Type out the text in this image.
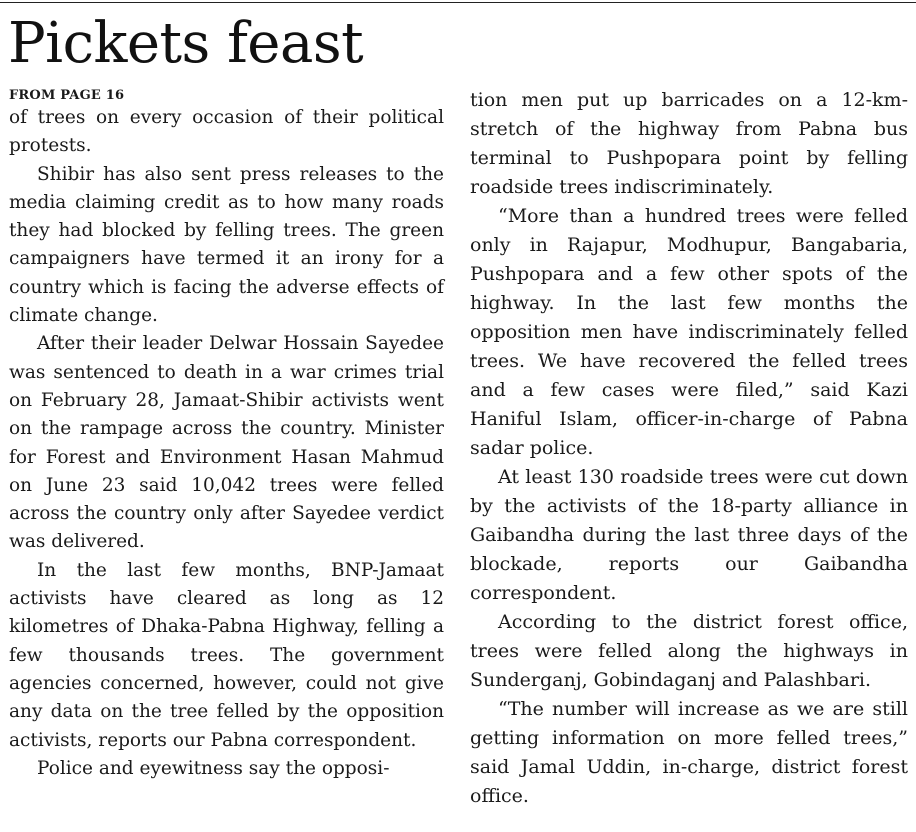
Pickets feast
FROM PAGE 16

of trees on every occasion of their political protests.

Shibir has also sent press releases to the media claiming credit as to how many roads they had blocked by felling trees. The green campaigners have termed it an irony for a country which is facing the adverse effects of climate change.

After their leader Delwar Hossain Sayedee was sentenced to death in a war crimes trial on February 28, Jamaat-Shibir activists went on the rampage across the country. Minister for Forest and Environment Hasan Mahmud on June 23 said 10,042 trees were felled across the country only after Sayedee verdict was delivered.

In the last few months, BNP-Jamaat activists have cleared as long as 12 kilometres of Dhaka-Pabna Highway, felling a few thousands trees. The government agencies concerned, however, could not give any data on the tree felled by the opposition activists, reports our Pabna correspondent.

Police and eyewitness say the opposi-

tion men put up barricades on a 12-km-stretch of the highway from Pabna bus terminal to Pushpopara point by felling roadside trees indiscriminately.

“More than a hundred trees were felled only in Rajapur, Modhupur, Bangabaria, Pushpopara and a few other spots of the highway. In the last few months the opposition men have indiscriminately felled trees. We have recovered the felled trees and a few cases were filed,” said Kazi Haniful Islam, officer-in-charge of Pabna sadar police.

At least 130 roadside trees were cut down by the activists of the 18-party alliance in Gaibandha during the last three days of the blockade, reports our Gaibandha correspondent.

According to the district forest office, trees were felled along the highways in Sunderganj, Gobindaganj and Palashbari.

“The number will increase as we are still getting information on more felled trees,” said Jamal Uddin, in-charge, district forest office.
